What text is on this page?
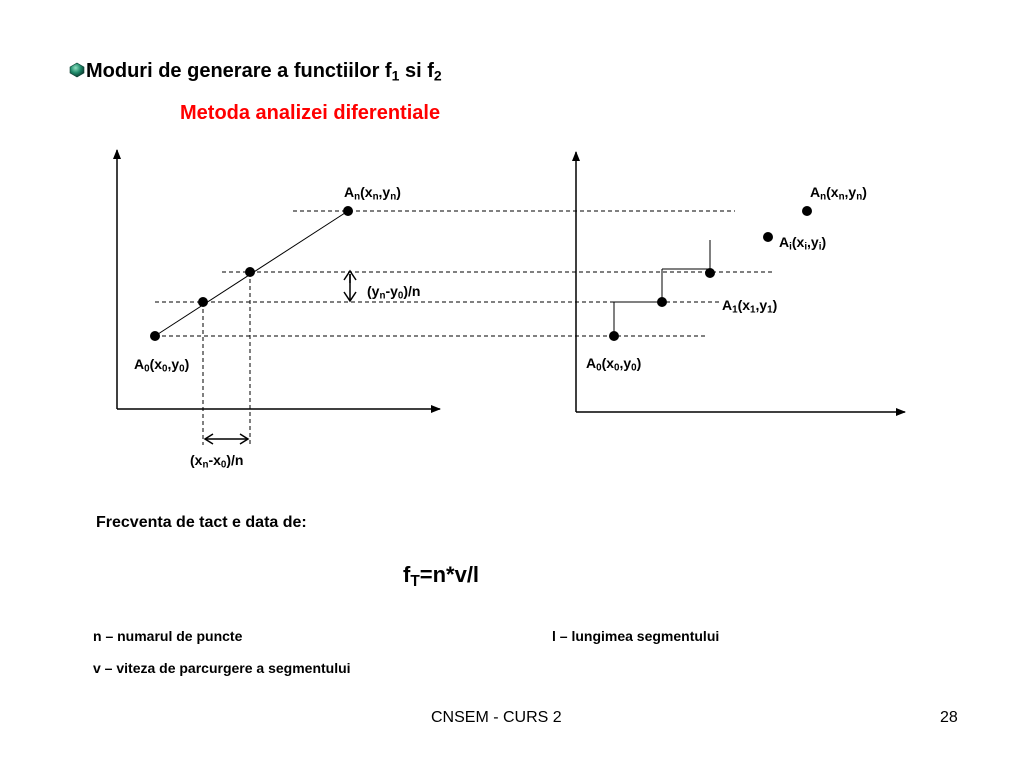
Moduri de generare a functiilor $f_1$ si $f_2$
Metoda analizei diferentiale
$A_n(x_n,y_n)$
$A_0(x_0,y_0)$
$(y_n-y_0)/n$
$(x_n-x_0)/n$
$A_n(x_n,y_n)$
$A_i(x_i,y_i)$
$A_1(x_1,y_1)$
$A_0(x_0,y_0)$
Frecventa de tact e data de:
$f_T=n*v/l$
n – numarul de puncte	l – lungimea segmentului
v – viteza de parcurgere a segmentului
CNSEM - CURS 2	28
